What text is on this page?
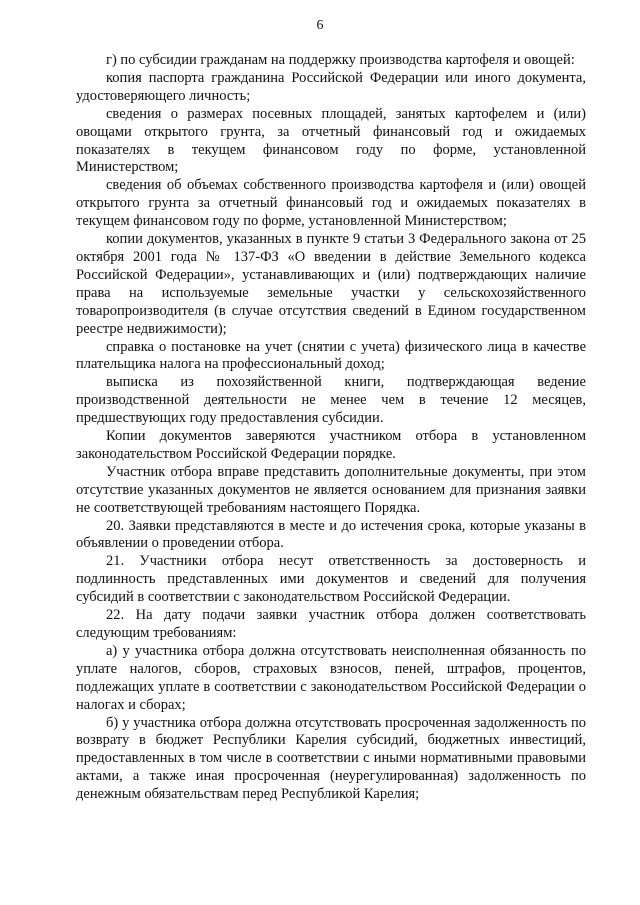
6

г) по субсидии гражданам на поддержку производства картофеля и овощей:

копия паспорта гражданина Российской Федерации или иного документа, удостоверяющего личность;

сведения о размерах посевных площадей, занятых картофелем и (или) овощами открытого грунта, за отчетный финансовый год и ожидаемых показателях в текущем финансовом году по форме, установленной Министерством;

сведения об объемах собственного производства картофеля и (или) овощей открытого грунта за отчетный финансовый год и ожидаемых показателях в текущем финансовом году по форме, установленной Министерством;

копии документов, указанных в пункте 9 статьи 3 Федерального закона от 25 октября 2001 года № 137-ФЗ «О введении в действие Земельного кодекса Российской Федерации», устанавливающих и (или) подтверждающих наличие права на используемые земельные участки у сельскохозяйственного товаропроизводителя (в случае отсутствия сведений в Едином государственном реестре недвижимости);

справка о постановке на учет (снятии с учета) физического лица в качестве плательщика налога на профессиональный доход;

выписка из похозяйственной книги, подтверждающая ведение производственной деятельности не менее чем в течение 12 месяцев, предшествующих году предоставления субсидии.

Копии документов заверяются участником отбора в установленном законодательством Российской Федерации порядке.

Участник отбора вправе представить дополнительные документы, при этом отсутствие указанных документов не является основанием для признания заявки не соответствующей требованиям настоящего Порядка.

20. Заявки представляются в месте и до истечения срока, которые указаны в объявлении о проведении отбора.

21. Участники отбора несут ответственность за достоверность и подлинность представленных ими документов и сведений для получения субсидий в соответствии с законодательством Российской Федерации.

22. На дату подачи заявки участник отбора должен соответствовать следующим требованиям:

а) у участника отбора должна отсутствовать неисполненная обязанность по уплате налогов, сборов, страховых взносов, пеней, штрафов, процентов, подлежащих уплате в соответствии с законодательством Российской Федерации о налогах и сборах;

б) у участника отбора должна отсутствовать просроченная задолженность по возврату в бюджет Республики Карелия субсидий, бюджетных инвестиций, предоставленных в том числе в соответствии с иными нормативными правовыми актами, а также иная просроченная (неурегулированная) задолженность по денежным обязательствам перед Республикой Карелия;
